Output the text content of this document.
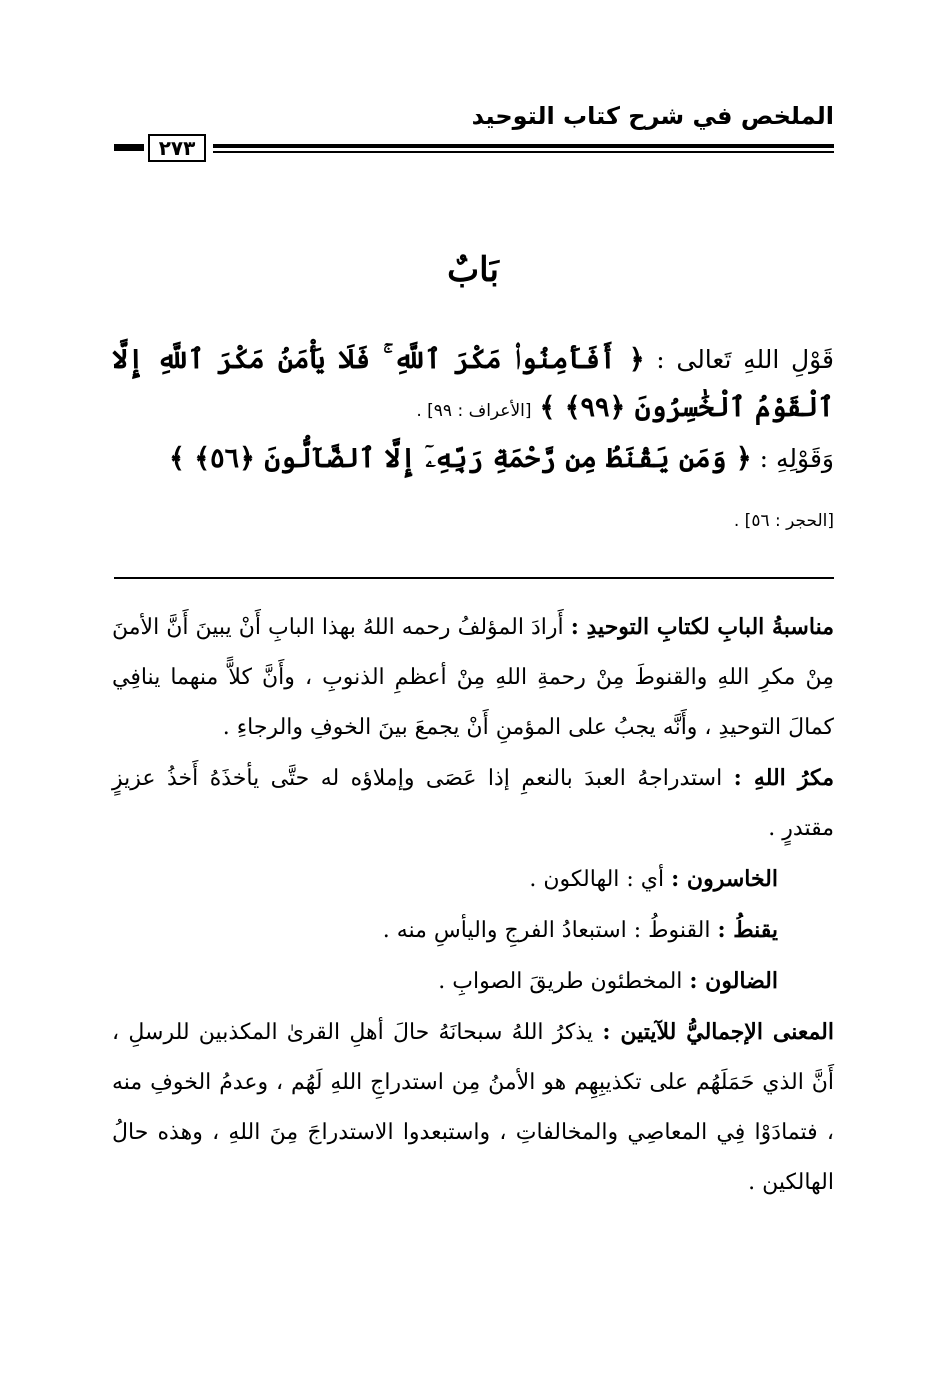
الملخص في شرح كتاب التوحيد
٢٧٣
بَابٌ
قَوْلِ اللهِ تَعالى : ﴿ أَفَأَمِنُوا۟ مَكْرَ ٱللَّهِ ۚ فَلَا يَأْمَنُ مَكْرَ ٱللَّهِ إِلَّا ٱلْقَوْمُ ٱلْخَٰسِرُونَ ﴿٩٩﴾ ﴾ [الأعراف : ٩٩] .
وَقَوْلِهِ : ﴿ وَمَن يَقْنَطُ مِن رَّحْمَةِ رَبِّهِۦٓ إِلَّا ٱلضَّآلُّونَ ﴿٥٦﴾ ﴾
[الحجر : ٥٦] .

مناسبةُ البابِ لكتابِ التوحيدِ : أَرادَ المؤلفُ رحمه اللهُ بهذا البابِ أَنْ يبينَ أَنَّ الأمنَ مِنْ مكرِ اللهِ والقنوطَ مِنْ رحمةِ اللهِ مِنْ أعظمِ الذنوبِ ، وأَنَّ كلاًّ منهما ينافِي كمالَ التوحيدِ ، وأَنَّه يجبُ على المؤمنِ أَنْ يجمعَ بينَ الخوفِ والرجاءِ .

مكرُ اللهِ : استدراجهُ العبدَ بالنعمِ إذا عَصَى وإملاؤه له حتَّى يأخذَهُ أَخذُ عزيزٍ مقتدرٍ .

الخاسرون : أي : الهالكون .

يقنطُ : القنوطُ : استبعادُ الفرجِ واليأسِ منه .

الضالون : المخطئون طريقَ الصوابِ .

المعنى الإجماليُّ للآيتين : يذكرُ اللهُ سبحانَهُ حالَ أهلِ القرىٰ المكذبين للرسلِ ، أَنَّ الذي حَمَلَهُم على تكذيبِهِم هو الأمنُ مِن استدراجِ اللهِ لَهُم ، وعدمُ الخوفِ منه ، فتمادَوْا فِي المعاصِي والمخالفاتِ ، واستبعدوا الاستدراجَ مِنَ اللهِ ، وهذه حالُ الهالكين .
